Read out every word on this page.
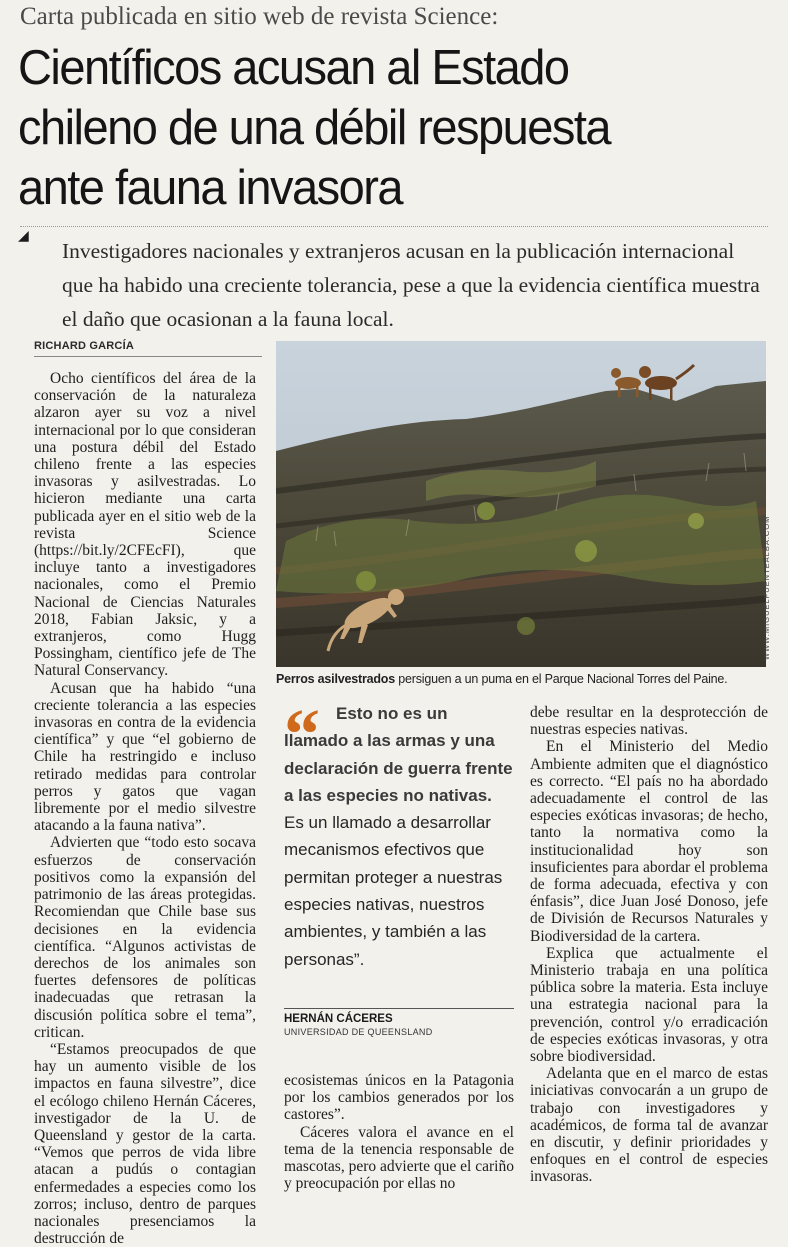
Carta publicada en sitio web de revista Science:
Científicos acusan al Estado
chileno de una débil respuesta
ante fauna invasora
◢

Investigadores nacionales y extranjeros acusan en la publicación internacional que ha habido una creciente tolerancia, pese a que la evidencia científica muestra el daño que ocasionan a la fauna local.

RICHARD GARCÍA

Ocho científicos del área de la conservación de la naturaleza alzaron ayer su voz a nivel internacional por lo que consideran una postura débil del Estado chileno frente a las especies invasoras y asilvestradas. Lo hicieron mediante una carta publicada ayer en el sitio web de la revista Science (https://bit.ly/2CFEcFI), que incluye tanto a investigadores nacionales, como el Premio Nacional de Ciencias Naturales 2018, Fabian Jaksic, y a extranjeros, como Hugg Possingham, científico jefe de The Natural Conservancy.

Acusan que ha habido “una creciente tolerancia a las especies invasoras en contra de la evidencia científica” y que “el gobierno de Chile ha restringido e incluso retirado medidas para controlar perros y gatos que vagan libremente por el medio silvestre atacando a la fauna nativa”.

Advierten que “todo esto socava esfuerzos de conservación positivos como la expansión del patrimonio de las áreas protegidas. Recomiendan que Chile base sus decisiones en la evidencia científica. “Algunos activistas de derechos de los animales son fuertes defensores de políticas inadecuadas que retrasan la discusión política sobre el tema”, critican.

“Estamos preocupados de que hay un aumento visible de los impactos en fauna silvestre”, dice el ecólogo chileno Hernán Cáceres, investigador de la U. de Queensland y gestor de la carta. “Vemos que perros de vida libre atacan a pudús o contagian enfermedades a especies como los zorros; incluso, dentro de parques nacionales presenciamos la destrucción de

WWW.MIGUELFUENTEALBA.COM
Perros asilvestrados persiguen a un puma en el Parque Nacional Torres del Paine.
“ Esto no es un llamado a las armas y una declaración de guerra frente a las especies no nativas. Es un llamado a desarrollar mecanismos efectivos que permitan proteger a nuestras especies nativas, nuestros ambientes, y también a las personas”.

HERNÁN CÁCERES
UNIVERSIDAD DE QUEENSLAND

ecosistemas únicos en la Patagonia por los cambios generados por los castores”.

Cáceres valora el avance en el tema de la tenencia responsable de mascotas, pero advierte que el cariño y preocupación por ellas no

debe resultar en la desprotección de nuestras especies nativas.

En el Ministerio del Medio Ambiente admiten que el diagnóstico es correcto. “El país no ha abordado adecuadamente el control de las especies exóticas invasoras; de hecho, tanto la normativa como la institucionalidad hoy son insuficientes para abordar el problema de forma adecuada, efectiva y con énfasis”, dice Juan José Donoso, jefe de División de Recursos Naturales y Biodiversidad de la cartera.

Explica que actualmente el Ministerio trabaja en una política pública sobre la materia. Esta incluye una estrategia nacional para la prevención, control y/o erradicación de especies exóticas invasoras, y otra sobre biodiversidad.

Adelanta que en el marco de estas iniciativas convocarán a un grupo de trabajo con investigadores y académicos, de forma tal de avanzar en discutir, y definir prioridades y enfoques en el control de especies invasoras.
